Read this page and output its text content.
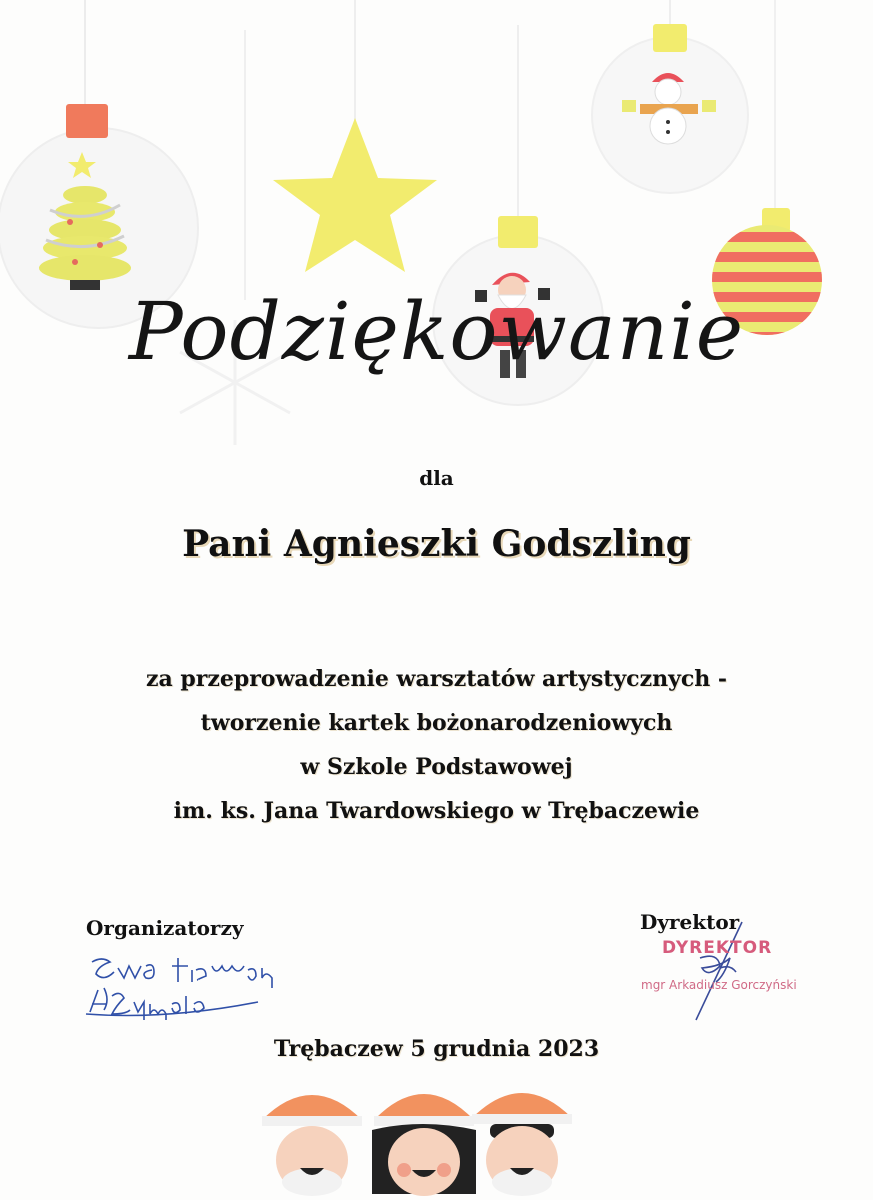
Podziękowanie
dla
Pani Agnieszki Godszling
za przeprowadzenie warsztatów artystycznych -
tworzenie kartek bożonarodzeniowych
w Szkole Podstawowej
im. ks. Jana Twardowskiego w Trębaczewie
Organizatorzy	Dyrektor
DYREKTOR
mgr Arkadiusz Gorczyński
Trębaczew 5 grudnia 2023
